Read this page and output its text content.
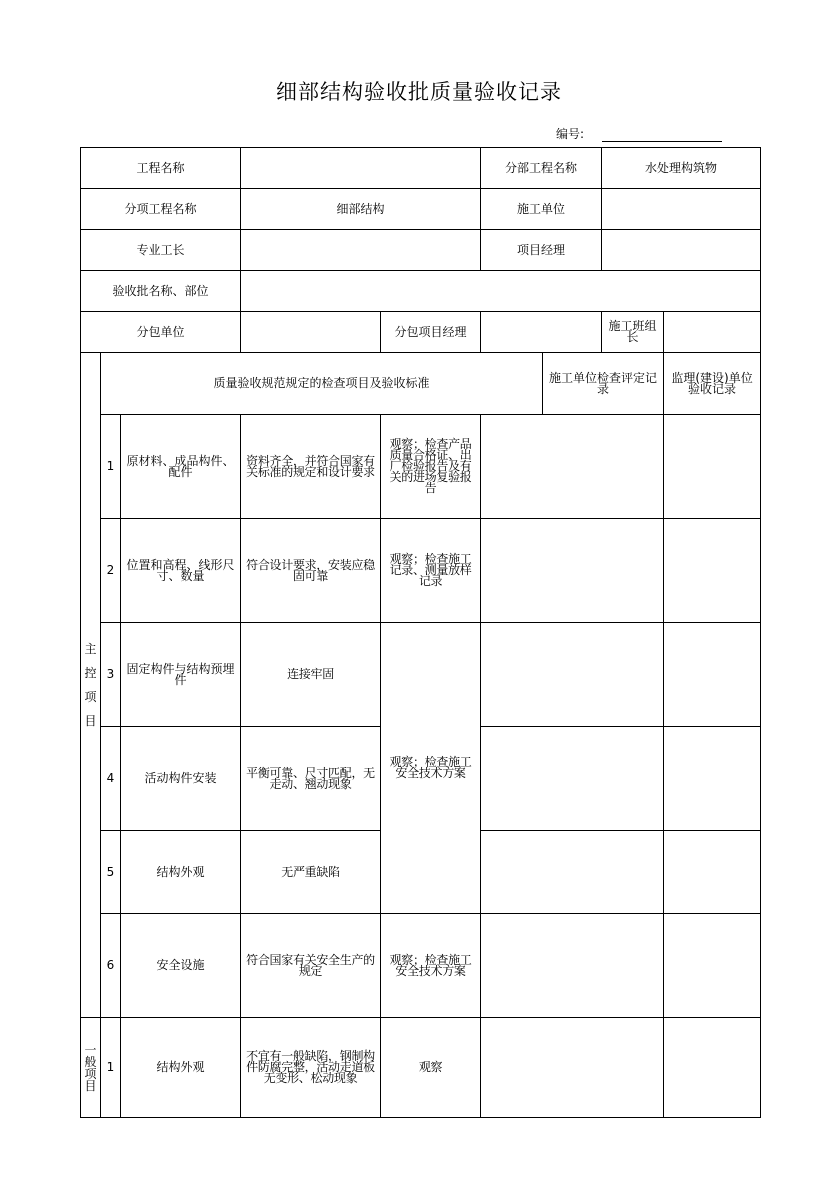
细部结构验收批质量验收记录
编号:
工程名称					分部工程名称		水处理构筑物	
分项工程名称			细部结构		施工单位			
专业工长					项目经理			
验收批名称、部位								
分包单位				分包项目经理			施工班组长	
主
控
项
目	质量验收规范规定的检查项目及验收标准					施工单位检查评定记录		监理(建设)单位验收记录
	1	原材料、成品构件、配件	资料齐全，并符合国家有关标准的规定和设计要求	观察；检查产品质量合格证、出厂检验报告及有关的进场复验报告				
	2	位置和高程、线形尺寸、数量	符合设计要求，安装应稳固可靠	观察；检查施工记录、测量放样记录				
	3	固定构件与结构预埋件	连接牢固	观察；检查施工安全技术方案				
	4	活动构件安装	平衡可靠、尺寸匹配，无走动、翘动现象					
	5	结构外观	无严重缺陷					
	6	安全设施	符合国家有关安全生产的规定	观察；检查施工安全技术方案				
一
般
项
目	1	结构外观	不宜有一般缺陷，钢制构件防腐完整，活动走道板无变形、松动现象	观察				
